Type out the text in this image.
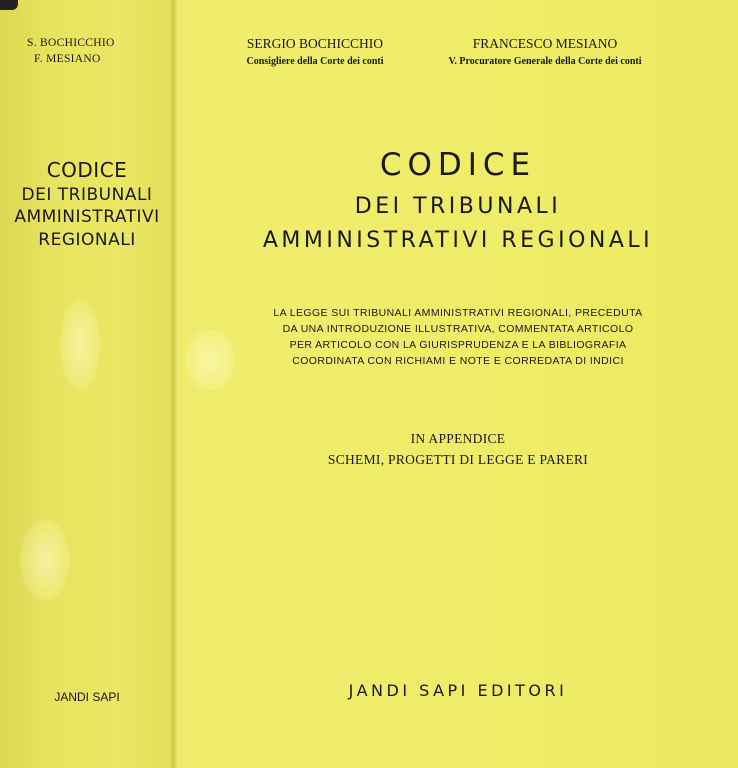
S. BOCHICCHIO
F. MESIANO
CODICE
DEI TRIBUNALI
AMMINISTRATIVI
REGIONALI
JANDI SAPI
SERGIO BOCHICCHIO
Consigliere della Corte dei conti
FRANCESCO MESIANO
V. Procuratore Generale della Corte dei conti
CODICE
DEI TRIBUNALI
AMMINISTRATIVI REGIONALI
LA LEGGE SUI TRIBUNALI AMMINISTRATIVI REGIONALI, PRECEDUTA
DA UNA INTRODUZIONE ILLUSTRATIVA, COMMENTATA ARTICOLO
PER ARTICOLO CON LA GIURISPRUDENZA E LA BIBLIOGRAFIA
COORDINATA CON RICHIAMI E NOTE E CORREDATA DI INDICI
IN APPENDICE
SCHEMI, PROGETTI DI LEGGE E PARERI
JANDI SAPI EDITORI
